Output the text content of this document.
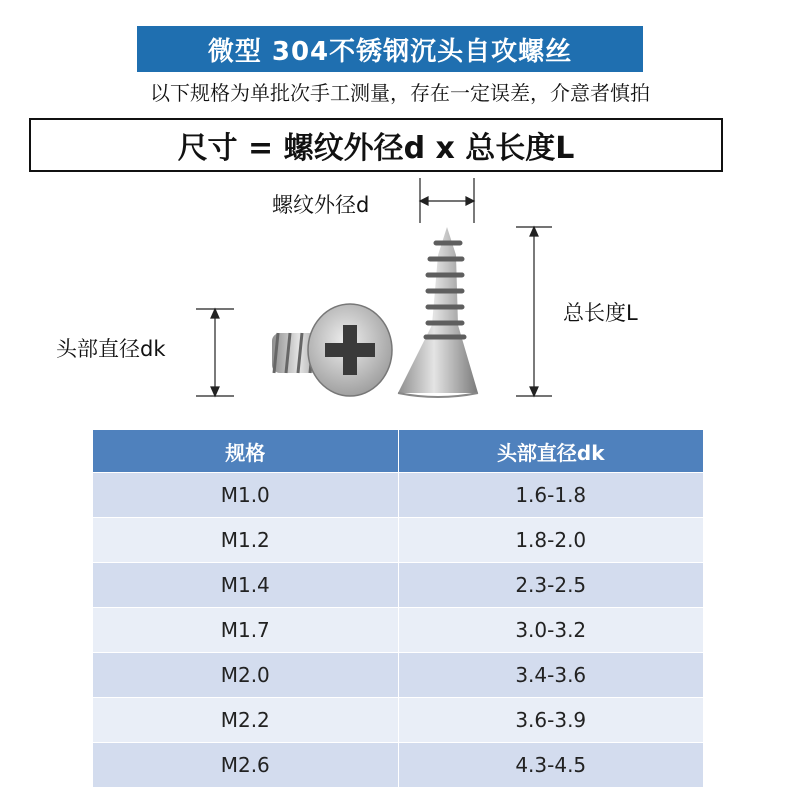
微型 304不锈钢沉头自攻螺丝
以下规格为单批次手工测量，存在一定误差，介意者慎拍
尺寸 = 螺纹外径d x 总长度L
螺纹外径d
头部直径dk
总长度L
规格	头部直径dk
M1.0	1.6-1.8
M1.2	1.8-2.0
M1.4	2.3-2.5
M1.7	3.0-3.2
M2.0	3.4-3.6
M2.2	3.6-3.9
M2.6	4.3-4.5
